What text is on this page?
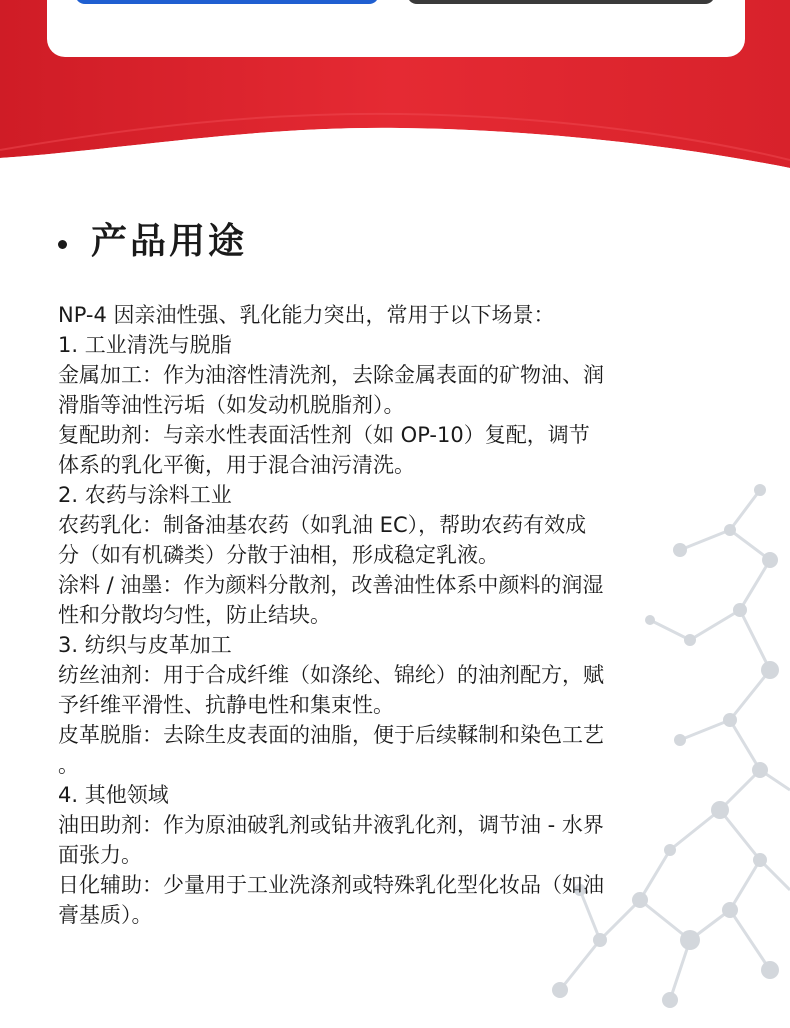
产品用途
NP-4 因亲油性强、乳化能力突出，常用于以下场景：
1. 工业清洗与脱脂
金属加工：作为油溶性清洗剂，去除金属表面的矿物油、润
滑脂等油性污垢（如发动机脱脂剂）。
复配助剂：与亲水性表面活性剂（如 OP-10）复配，调节
体系的乳化平衡，用于混合油污清洗。
2. 农药与涂料工业
农药乳化：制备油基农药（如乳油 EC），帮助农药有效成
分（如有机磷类）分散于油相，形成稳定乳液。
涂料 / 油墨：作为颜料分散剂，改善油性体系中颜料的润湿
性和分散均匀性，防止结块。
3. 纺织与皮革加工
纺丝油剂：用于合成纤维（如涤纶、锦纶）的油剂配方，赋
予纤维平滑性、抗静电性和集束性。
皮革脱脂：去除生皮表面的油脂，便于后续鞣制和染色工艺
。
4. 其他领域
油田助剂：作为原油破乳剂或钻井液乳化剂，调节油 - 水界
面张力。
日化辅助：少量用于工业洗涤剂或特殊乳化型化妆品（如油
膏基质）。
